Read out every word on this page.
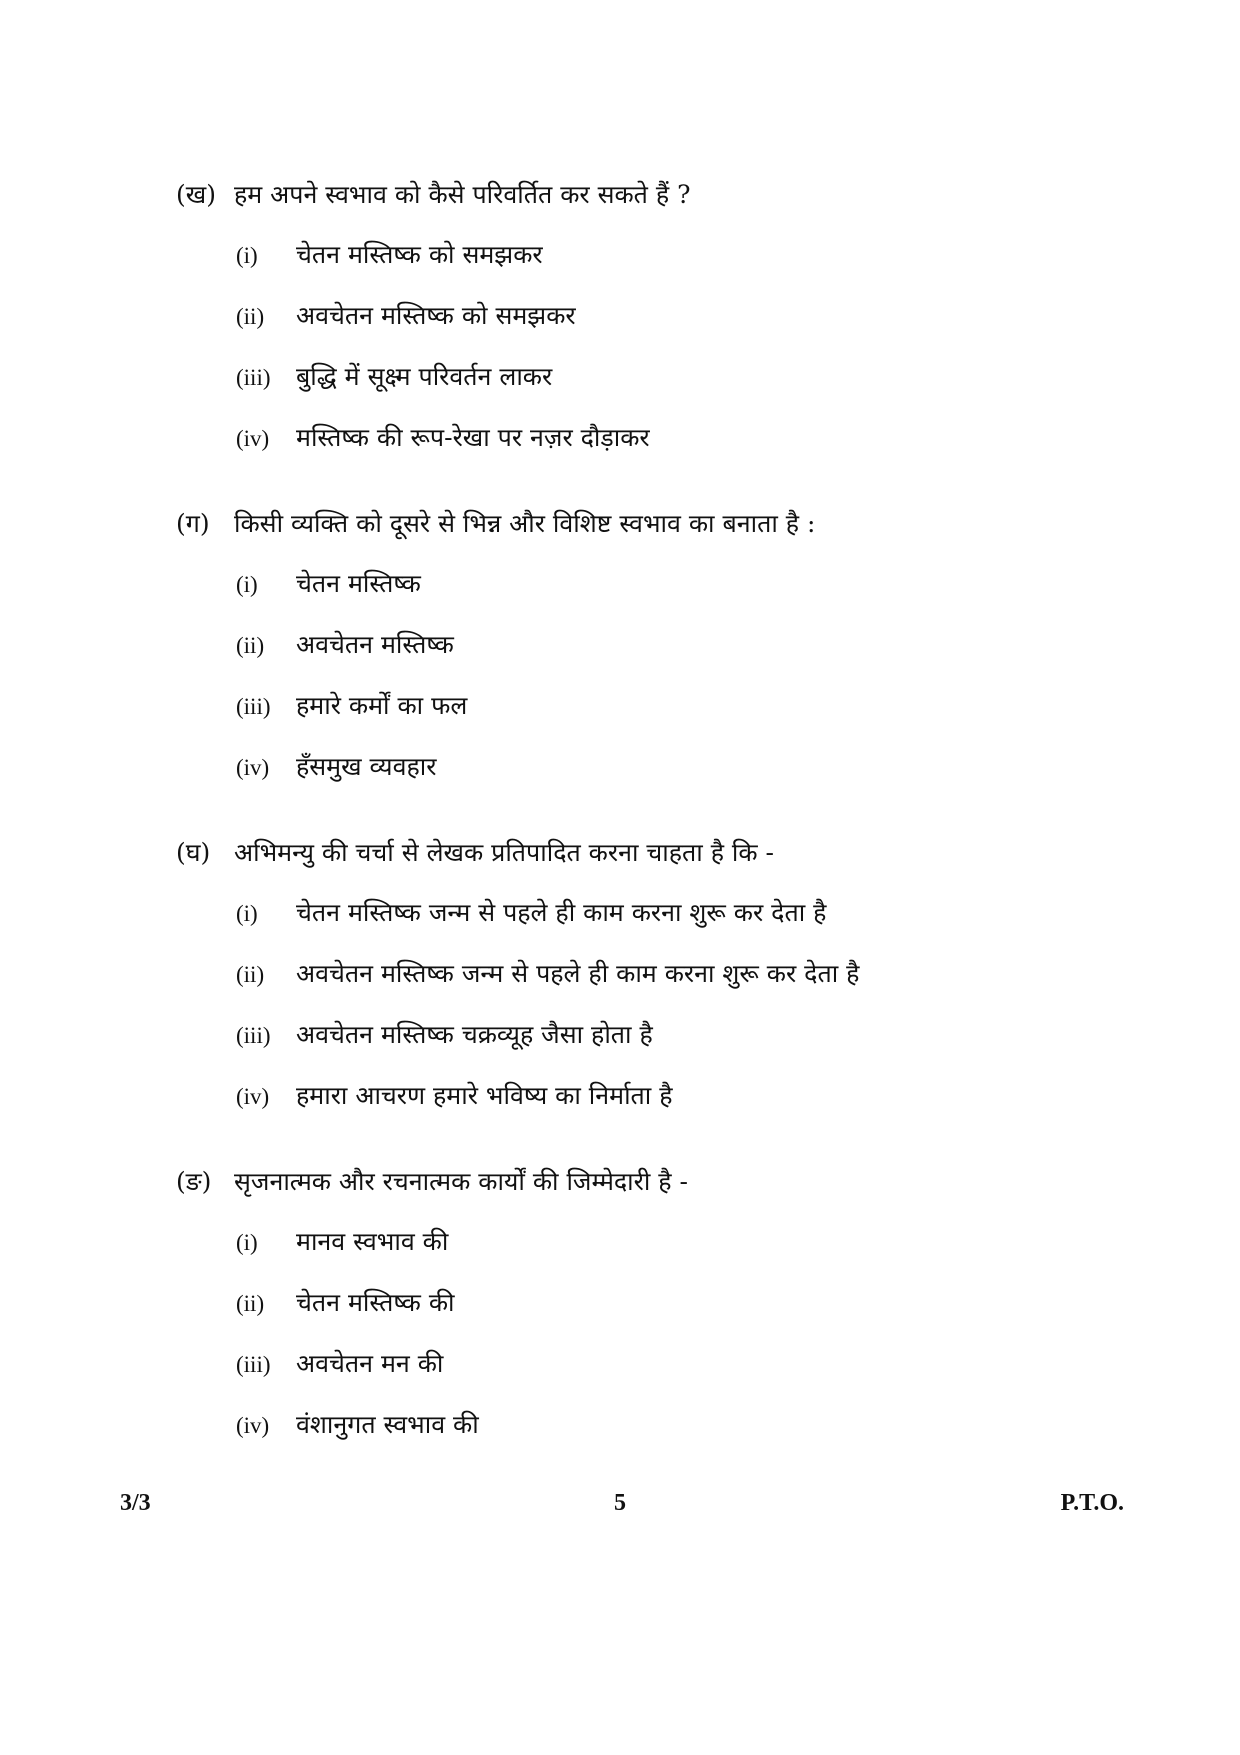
(ख) हम अपने स्वभाव को कैसे परिवर्तित कर सकते हैं ?
(i)	चेतन मस्तिष्क को समझकर
(ii)	अवचेतन मस्तिष्क को समझकर
(iii)	बुद्धि में सूक्ष्म परिवर्तन लाकर
(iv)	मस्तिष्क की रूप-रेखा पर नज़र दौड़ाकर
(ग) किसी व्यक्ति को दूसरे से भिन्न और विशिष्ट स्वभाव का बनाता है :
(i)	चेतन मस्तिष्क
(ii)	अवचेतन मस्तिष्क
(iii)	हमारे कर्मों का फल
(iv)	हँसमुख व्यवहार
(घ) अभिमन्यु की चर्चा से लेखक प्रतिपादित करना चाहता है कि -
(i)	चेतन मस्तिष्क जन्म से पहले ही काम करना शुरू कर देता है
(ii)	अवचेतन मस्तिष्क जन्म से पहले ही काम करना शुरू कर देता है
(iii)	अवचेतन मस्तिष्क चक्रव्यूह जैसा होता है
(iv)	हमारा आचरण हमारे भविष्य का निर्माता है
(ङ) सृजनात्मक और रचनात्मक कार्यों की जिम्मेदारी है -
(i)	मानव स्वभाव की
(ii)	चेतन मस्तिष्क की
(iii)	अवचेतन मन की
(iv)	वंशानुगत स्वभाव की
3/3	5	P.T.O.
